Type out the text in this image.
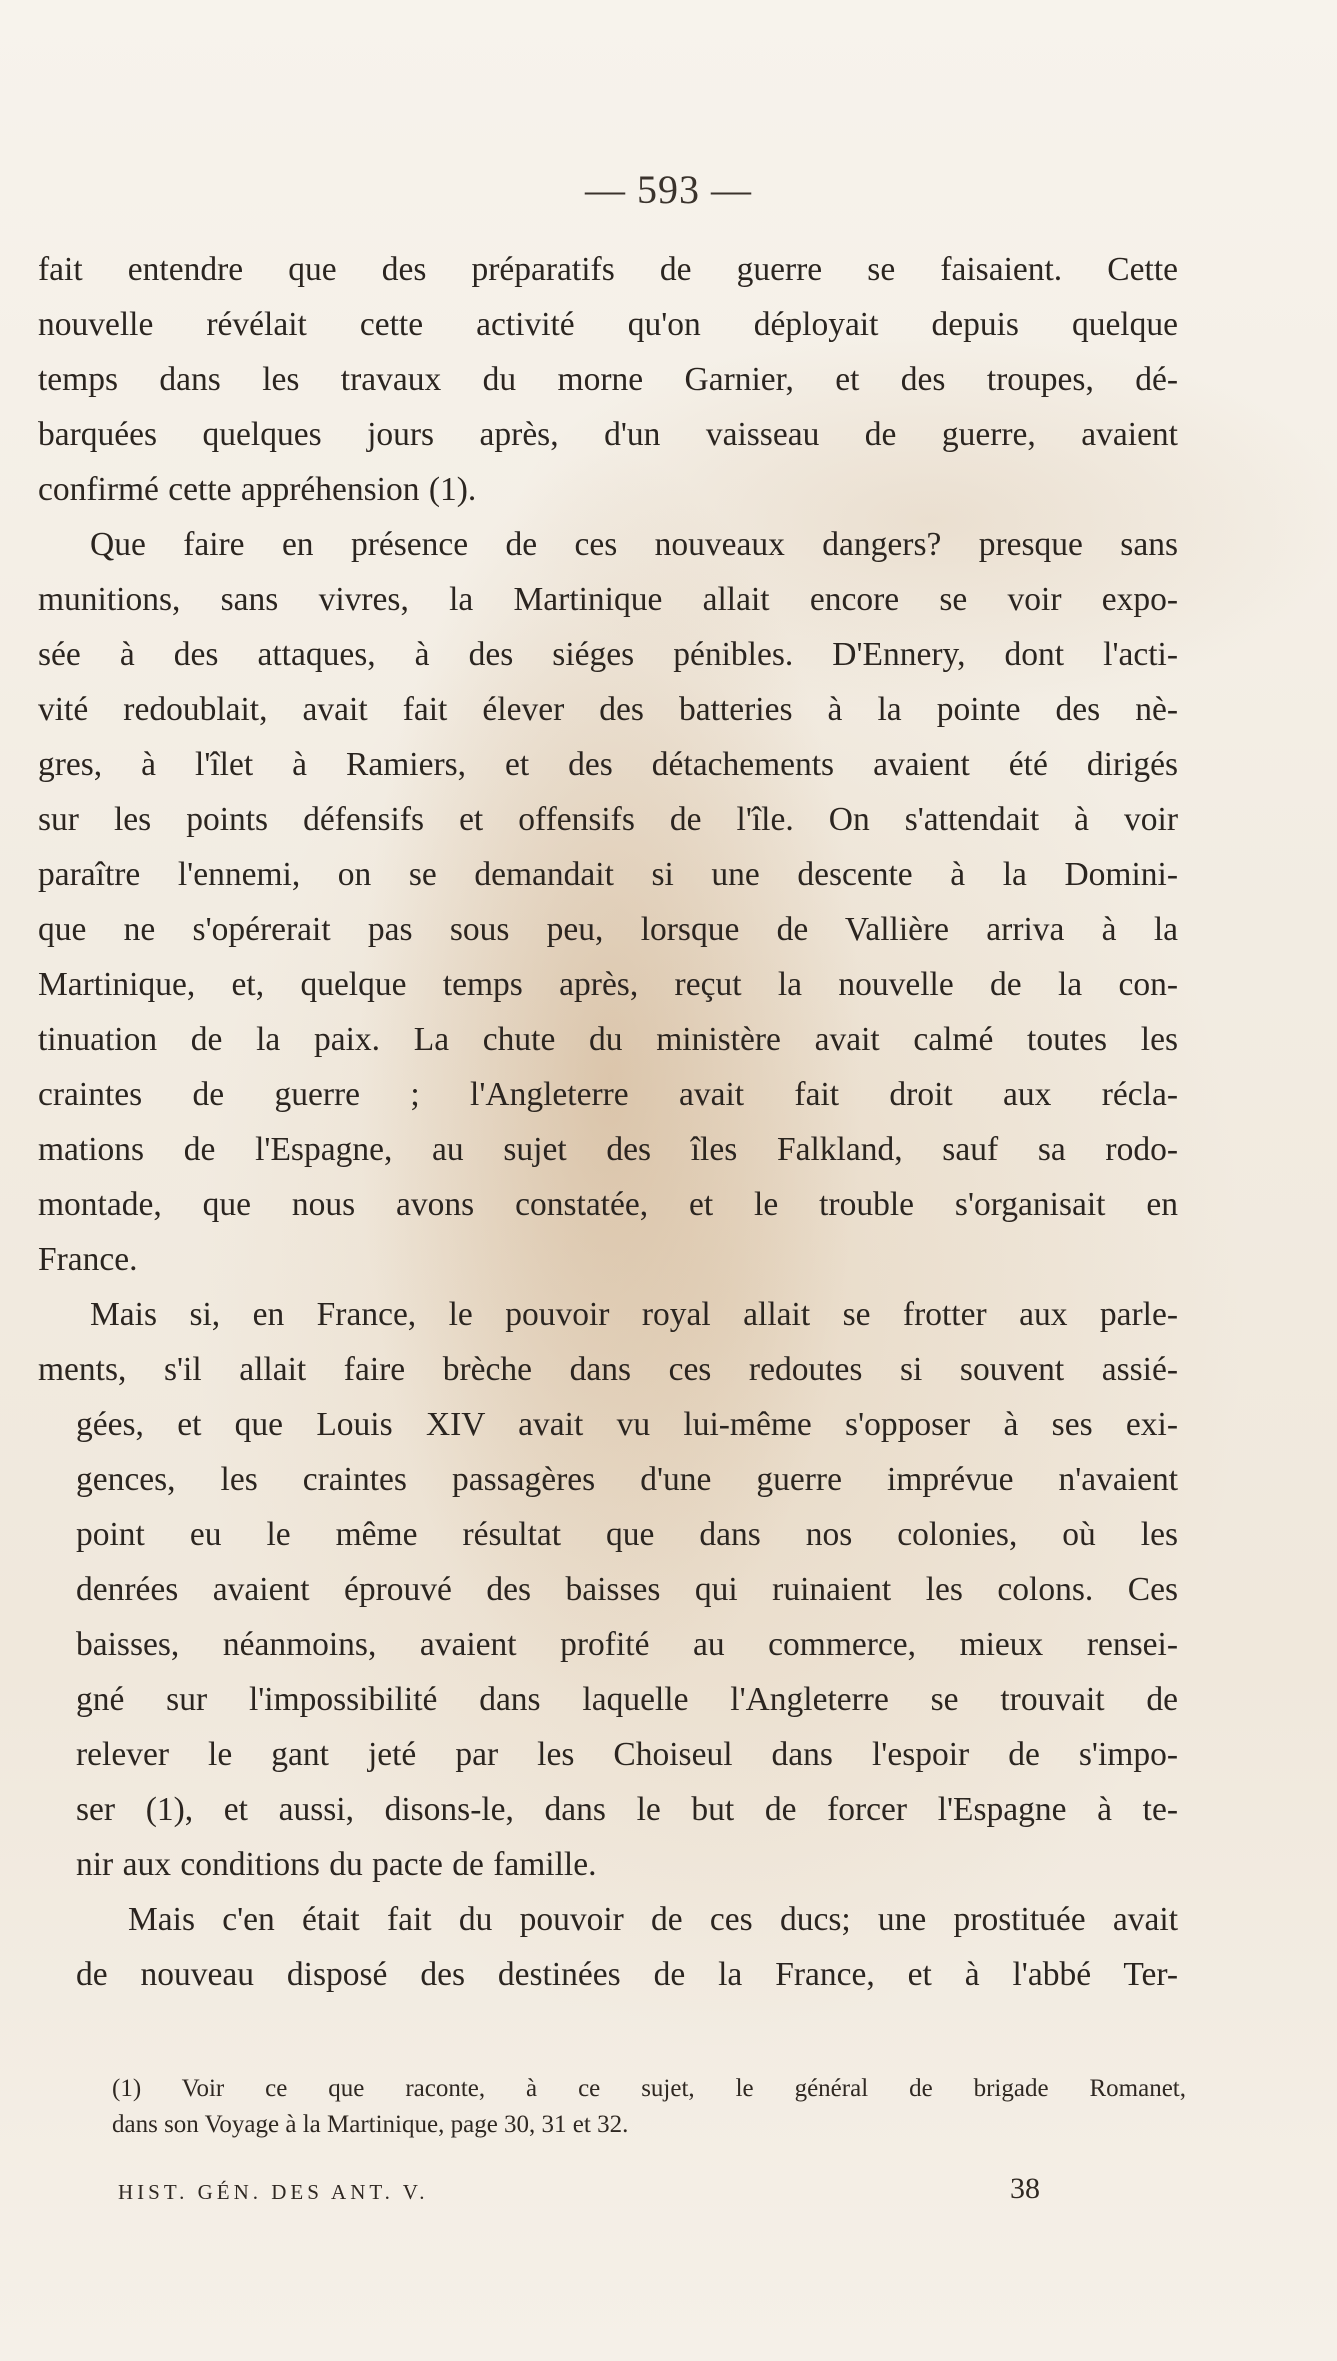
— 593 —
fait entendre que des préparatifs de guerre se faisaient. Cette
nouvelle révélait cette activité qu'on déployait depuis quelque
temps dans les travaux du morne Garnier, et des troupes, dé-
barquées quelques jours après, d'un vaisseau de guerre, avaient
confirmé cette appréhension (1).
Que faire en présence de ces nouveaux dangers? presque sans
munitions, sans vivres, la Martinique allait encore se voir expo-
sée à des attaques, à des siéges pénibles. D'Ennery, dont l'acti-
vité redoublait, avait fait élever des batteries à la pointe des nè-
gres, à l'îlet à Ramiers, et des détachements avaient été dirigés
sur les points défensifs et offensifs de l'île. On s'attendait à voir
paraître l'ennemi, on se demandait si une descente à la Domini-
que ne s'opérerait pas sous peu, lorsque de Vallière arriva à la
Martinique, et, quelque temps après, reçut la nouvelle de la con-
tinuation de la paix. La chute du ministère avait calmé toutes les
craintes de guerre ; l'Angleterre avait fait droit aux récla-
mations de l'Espagne, au sujet des îles Falkland, sauf sa rodo-
montade, que nous avons constatée, et le trouble s'organisait en
France.
Mais si, en France, le pouvoir royal allait se frotter aux parle-
ments, s'il allait faire brèche dans ces redoutes si souvent assié-
gées, et que Louis XIV avait vu lui-même s'opposer à ses exi-
gences, les craintes passagères d'une guerre imprévue n'avaient
point eu le même résultat que dans nos colonies, où les
denrées avaient éprouvé des baisses qui ruinaient les colons. Ces
baisses, néanmoins, avaient profité au commerce, mieux rensei-
gné sur l'impossibilité dans laquelle l'Angleterre se trouvait de
relever le gant jeté par les Choiseul dans l'espoir de s'impo-
ser (1), et aussi, disons-le, dans le but de forcer l'Espagne à te-
nir aux conditions du pacte de famille.
Mais c'en était fait du pouvoir de ces ducs; une prostituée avait
de nouveau disposé des destinées de la France, et à l'abbé Ter-
(1) Voir ce que raconte, à ce sujet, le général de brigade Romanet,
dans son Voyage à la Martinique, page 30, 31 et 32.
HIST. GÉN. DES ANT. V.	38
